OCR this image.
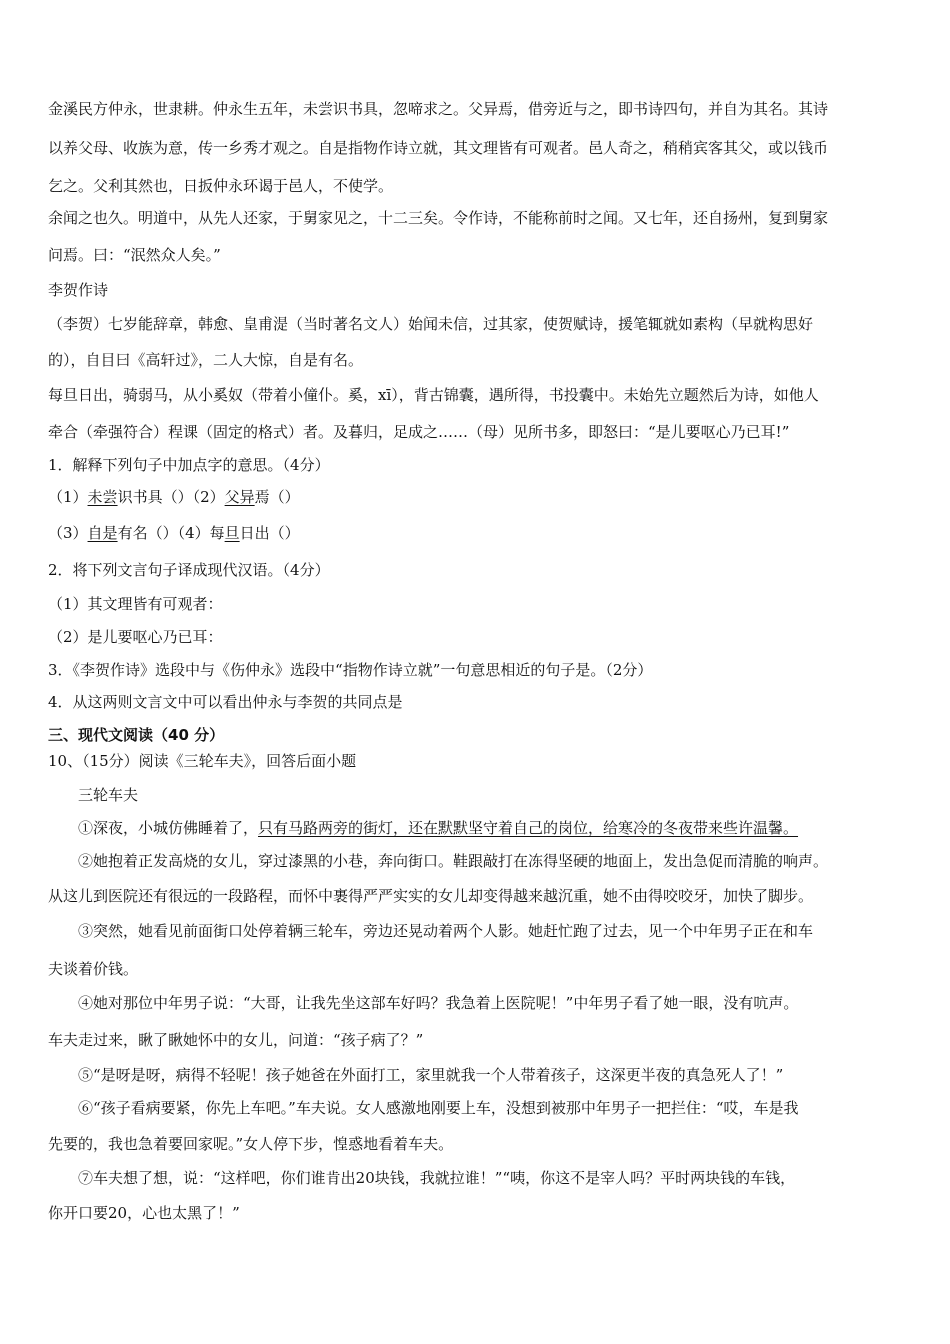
金溪民方仲永，世隶耕。仲永生五年，未尝识书具，忽啼求之。父异焉，借旁近与之，即书诗四句，并自为其名。其诗
以养父母、收族为意，传一乡秀才观之。自是指物作诗立就，其文理皆有可观者。邑人奇之，稍稍宾客其父，或以钱币
乞之。父利其然也，日扳仲永环谒于邑人，不使学。
余闻之也久。明道中，从先人还家，于舅家见之，十二三矣。令作诗，不能称前时之闻。又七年，还自扬州，复到舅家
问焉。曰：“泯然众人矣。”
李贺作诗
（李贺）七岁能辞章，韩愈、皇甫湜（当时著名文人）始闻未信，过其家，使贺赋诗，援笔辄就如素构（早就构思好
的），自目曰《高轩过》，二人大惊，自是有名。
每旦日出，骑弱马，从小奚奴（带着小僮仆。奚，xī），背古锦囊，遇所得，书投囊中。未始先立题然后为诗，如他人
牵合（牵强符合）程课（固定的格式）者。及暮归，足成之……（母）见所书多，即怒曰：“是儿要呕心乃已耳!”
1．解释下列句子中加点字的意思。（4分）
（1）未尝识书具（）（2）父异焉（）
（3）自是有名（）（4）每旦日出（）
2．将下列文言句子译成现代汉语。（4分）
（1）其文理皆有可观者：
（2）是儿要呕心乃已耳：
3．《李贺作诗》选段中与《伤仲永》选段中“指物作诗立就”一句意思相近的句子是。（2分）
4．从这两则文言文中可以看出仲永与李贺的共同点是
三、现代文阅读（40 分）
10、（15分）阅读《三轮车夫》，回答后面小题
三轮车夫
①深夜，小城仿佛睡着了，只有马路两旁的街灯，还在默默坚守着自己的岗位，给寒冷的冬夜带来些许温馨。
②她抱着正发高烧的女儿，穿过漆黑的小巷，奔向街口。鞋跟敲打在冻得坚硬的地面上，发出急促而清脆的响声。
从这儿到医院还有很远的一段路程，而怀中裹得严严实实的女儿却变得越来越沉重，她不由得咬咬牙，加快了脚步。
③突然，她看见前面街口处停着辆三轮车，旁边还晃动着两个人影。她赶忙跑了过去，见一个中年男子正在和车
夫谈着价钱。
④她对那位中年男子说：“大哥，让我先坐这部车好吗？我急着上医院呢！”中年男子看了她一眼，没有吭声。
车夫走过来，瞅了瞅她怀中的女儿，问道：“孩子病了？”
⑤“是呀是呀，病得不轻呢！孩子她爸在外面打工，家里就我一个人带着孩子，这深更半夜的真急死人了！”
⑥“孩子看病要紧，你先上车吧。”车夫说。女人感激地刚要上车，没想到被那中年男子一把拦住：“哎，车是我
先要的，我也急着要回家呢。”女人停下步，惶惑地看着车夫。
⑦车夫想了想，说：“这样吧，你们谁肯出20块钱，我就拉谁！”“咦，你这不是宰人吗？平时两块钱的车钱，
你开口要20，心也太黑了！”
